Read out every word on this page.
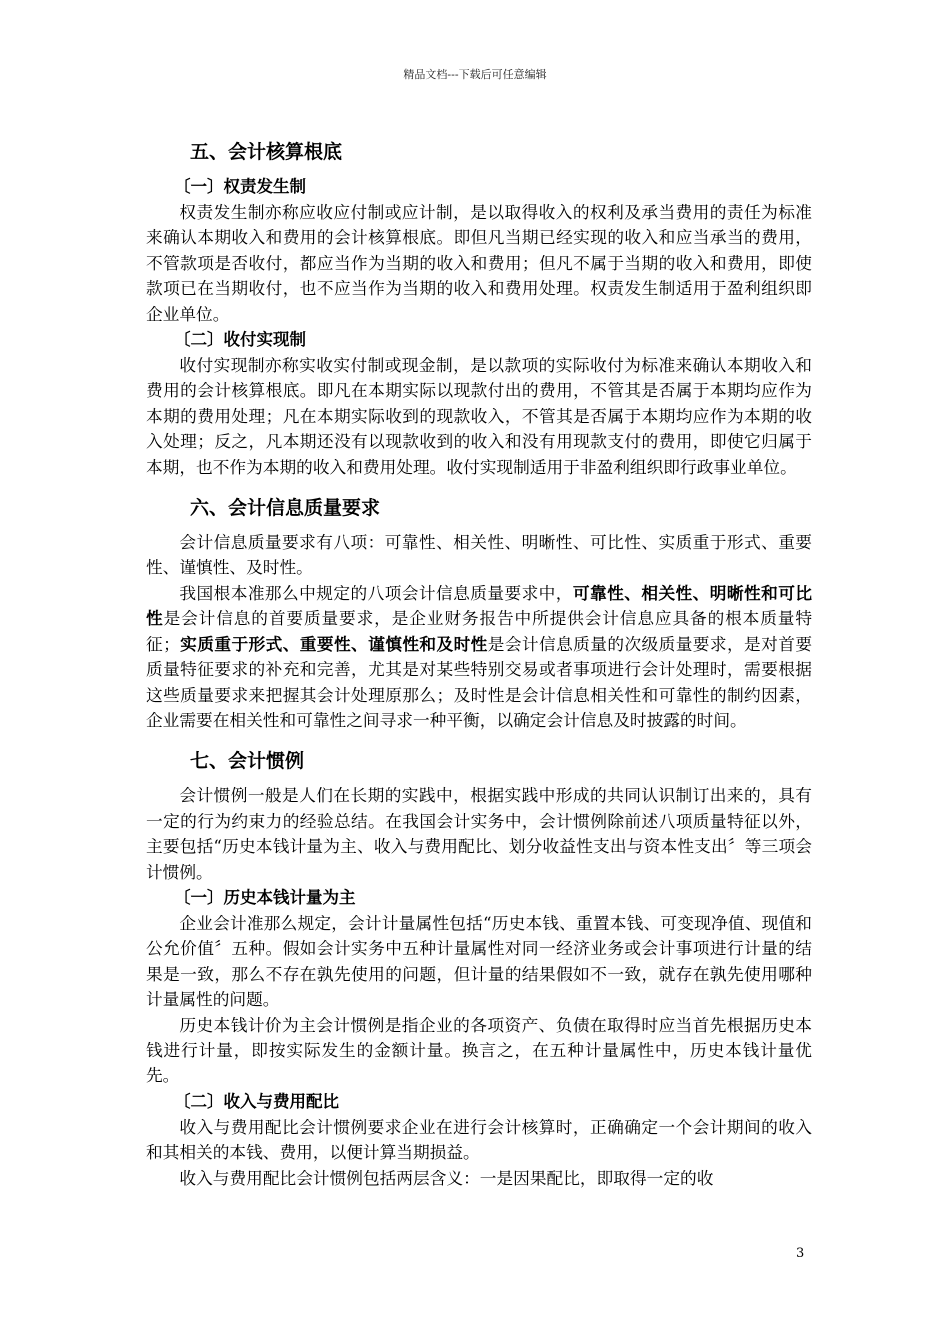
精品文档---下载后可任意编辑
五、会计核算根底
〔一〕权责发生制

权责发生制亦称应收应付制或应计制，是以取得收入的权利及承当费用的责任为标准来确认本期收入和费用的会计核算根底。即但凡当期已经实现的收入和应当承当的费用，不管款项是否收付，都应当作为当期的收入和费用；但凡不属于当期的收入和费用，即使款项已在当期收付，也不应当作为当期的收入和费用处理。权责发生制适用于盈利组织即企业单位。

〔二〕收付实现制

收付实现制亦称实收实付制或现金制，是以款项的实际收付为标准来确认本期收入和费用的会计核算根底。即凡在本期实际以现款付出的费用，不管其是否属于本期均应作为本期的费用处理；凡在本期实际收到的现款收入，不管其是否属于本期均应作为本期的收入处理；反之，凡本期还没有以现款收到的收入和没有用现款支付的费用，即使它归属于本期，也不作为本期的收入和费用处理。收付实现制适用于非盈利组织即行政事业单位。

六、会计信息质量要求

会计信息质量要求有八项：可靠性、相关性、明晰性、可比性、实质重于形式、重要性、谨慎性、及时性。

我国根本准那么中规定的八项会计信息质量要求中，可靠性、相关性、明晰性和可比性是会计信息的首要质量要求，是企业财务报告中所提供会计信息应具备的根本质量特征；实质重于形式、重要性、谨慎性和及时性是会计信息质量的次级质量要求，是对首要质量特征要求的补充和完善，尤其是对某些特别交易或者事项进行会计处理时，需要根据这些质量要求来把握其会计处理原那么；及时性是会计信息相关性和可靠性的制约因素，企业需要在相关性和可靠性之间寻求一种平衡，以确定会计信息及时披露的时间。

七、会计惯例

会计惯例一般是人们在长期的实践中，根据实践中形成的共同认识制订出来的，具有一定的行为约束力的经验总结。在我国会计实务中，会计惯例除前述八项质量特征以外，主要包括“历史本钱计量为主、收入与费用配比、划分收益性支出与资本性支出〞等三项会计惯例。

〔一〕历史本钱计量为主

企业会计准那么规定，会计计量属性包括“历史本钱、重置本钱、可变现净值、现值和公允价值〞五种。假如会计实务中五种计量属性对同一经济业务或会计事项进行计量的结果是一致，那么不存在孰先使用的问题，但计量的结果假如不一致，就存在孰先使用哪种计量属性的问题。

历史本钱计价为主会计惯例是指企业的各项资产、负债在取得时应当首先根据历史本钱进行计量，即按实际发生的金额计量。换言之，在五种计量属性中，历史本钱计量优先。

〔二〕收入与费用配比

收入与费用配比会计惯例要求企业在进行会计核算时，正确确定一个会计期间的收入和其相关的本钱、费用，以便计算当期损益。

收入与费用配比会计惯例包括两层含义：一是因果配比，即取得一定的收

3
